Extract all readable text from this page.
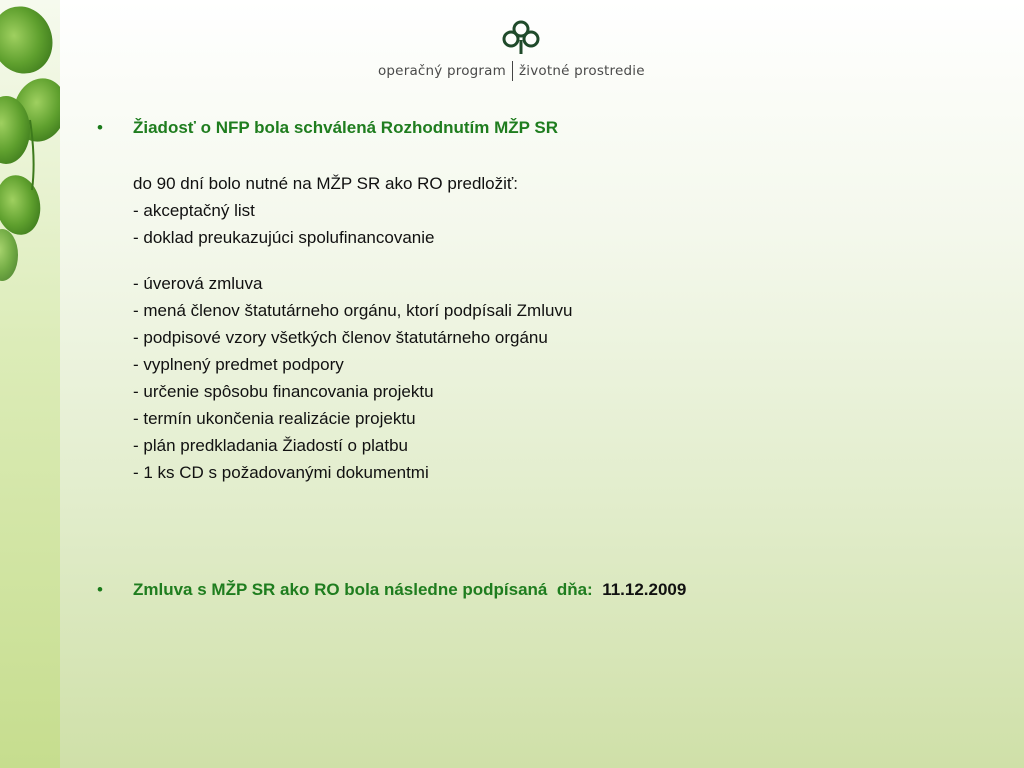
operačný program životné prostredie
• Žiadosť o NFP bola schválená Rozhodnutím MŽP SR
do 90 dní bolo nutné na MŽP SR ako RO predložiť:
- akceptačný list
- doklad preukazujúci spolufinancovanie
- úverová zmluva
- mená členov štatutárneho orgánu, ktorí podpísali Zmluvu
- podpisové vzory všetkých členov štatutárneho orgánu
- vyplnený predmet podpory
- určenie spôsobu financovania projektu
- termín ukončenia realizácie projektu
- plán predkladania Žiadostí o platbu
- 1 ks CD s požadovanými dokumentmi
• Zmluva s MŽP SR ako RO bola následne podpísaná  dňa: 11.12.2009
